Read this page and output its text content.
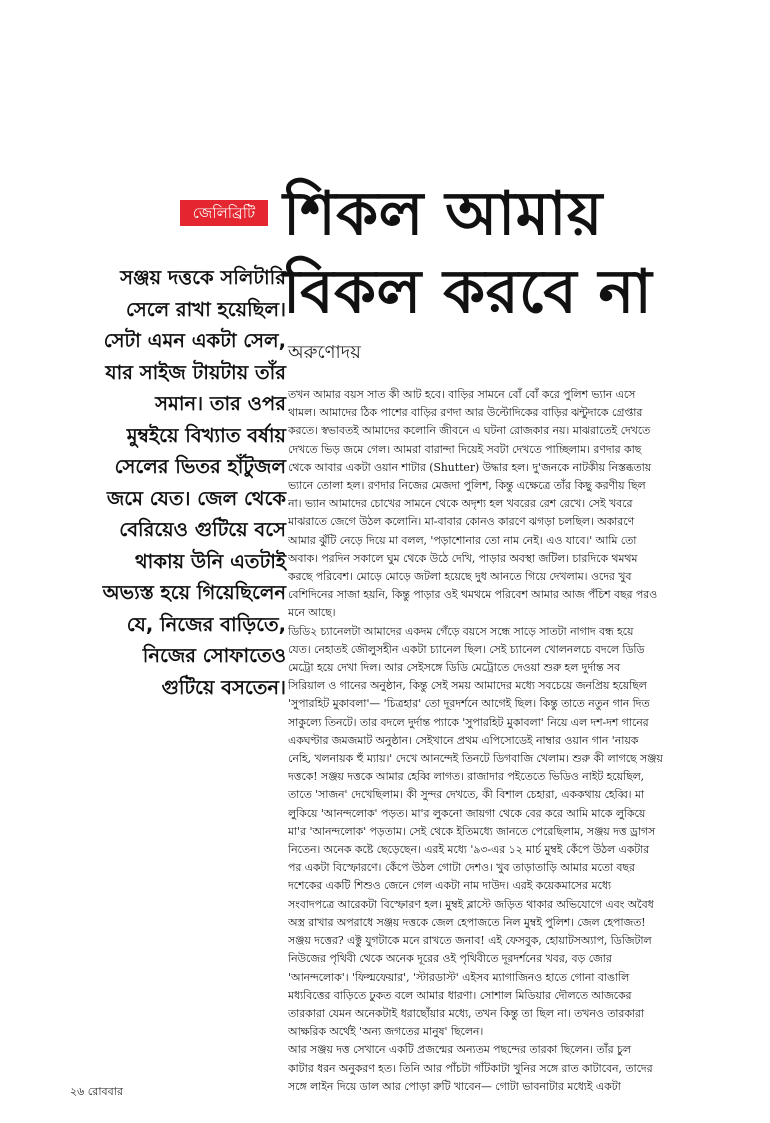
জেলিব্রিটি শিকল আমায়
বিকল করবে না
সঞ্জয় দত্তকে সলিটারি
সেলে রাখা হয়েছিল।
সেটা এমন একটা সেল,
যার সাইজ টায়টায় তাঁর
সমান। তার ওপর
মুম্বইয়ে বিখ্যাত বর্ষায়
সেলের ভিতর হাঁটুজল
জমে যেত। জেল থেকে
বেরিয়েও গুটিয়ে বসে
থাকায় উনি এতটাই
অভ্যস্ত হয়ে গিয়েছিলেন
যে, নিজের বাড়িতে,
নিজের সোফাতেও
গুটিয়ে বসতেন।
অরুণোদয়
তখন আমার বয়স সাত কী আট হবে। বাড়ির সামনে বোঁ বোঁ করে পুলিশ ভ্যান এসে
থামল। আমাদের ঠিক পাশের বাড়ির রণদা আর উল্টোদিকের বাড়ির ঝন্টুদাকে গ্রেপ্তার
করতে। স্বভাবতই আমাদের কলোনি জীবনে এ ঘটনা রোজকার নয়। মাঝরাতেই দেখতে
দেখতে ভিড় জমে গেল। আমরা বারান্দা দিয়েই সবটা দেখতে পাচ্ছিলাম। রণদার কাছ
থেকে আবার একটা ওয়ান শাটার (Shutter) উদ্ধার হল। দু'জনকে নাটকীয় নিস্তব্ধতায়
ভ্যানে তোলা হল। রণদার নিজের মেজদা পুলিশ, কিন্তু এক্ষেত্রে তাঁর কিছু করণীয় ছিল
না। ভ্যান আমাদের চোখের সামনে থেকে অদৃশ্য হল খবরের রেশ রেখে। সেই খবরে
মাঝরাতে জেগে উঠল কলোনি। মা-বাবার কোনও কারণে ঝগড়া চলছিল। অকারণে
আমার ঝুঁটি নেড়ে দিয়ে মা বলল, 'পড়াশোনার তো নাম নেই। এও যাবে।' আমি তো
অবাক। পরদিন সকালে ঘুম থেকে উঠে দেখি, পাড়ার অবস্থা জটিল। চারদিকে থমথম
করছে পরিবেশ। মোড়ে মোড়ে জটলা হয়েছে দুধ আনতে গিয়ে দেখলাম। ওদের খুব
বেশিদিনের সাজা হয়নি, কিন্তু পাড়ার ওই থমথমে পরিবেশ আমার আজ পঁচিশ বছর পরও
মনে আছে।
ডিডি২ চ্যানেলটা আমাদের একদম গেঁড়ে বয়সে সন্ধে সাড়ে সাতটা নাগাদ বন্ধ হয়ে
যেত। নেহাতই জৌলুসহীন একটা চ্যানেল ছিল। সেই চ্যানেল খোলনলচে বদলে ডিডি
মেট্রো হয়ে দেখা দিল। আর সেইসঙ্গে ডিডি মেট্রোতে দেওয়া শুরু হল দুর্দান্ত সব
সিরিয়াল ও গানের অনুষ্ঠান, কিন্তু সেই সময় আমাদের মধ্যে সবচেয়ে জনপ্রিয় হয়েছিল
'সুপারহিট মুকাবলা'— 'চিত্রহার' তো দূরদর্শনে আগেই ছিল। কিন্তু তাতে নতুন গান দিত
সাকুল্যে তিনটে। তার বদলে দুর্দান্ত প্যাকে 'সুপারহিট মুকাবলা' নিয়ে এল দশ-দশ গানের
একঘণ্টার জমজমাট অনুষ্ঠান। সেইখানে প্রথম এপিসোডেই নাম্বার ওয়ান গান 'নায়ক
নেহি, খলনায়ক হুঁ ম্যায়।' দেখে আনন্দেই তিনটে ডিগবাজি খেলাম। শুরু কী লাগছে সঞ্জয়
দত্তকে! সঞ্জয় দত্তকে আমার হেব্বি লাগত। রাজাদার পইতেতে ভিডিও নাইট হয়েছিল,
তাতে 'সাজন' দেখেছিলাম। কী সুন্দর দেখতে, কী বিশাল চেহারা, এককথায় হেব্বি। মা
লুকিয়ে 'আনন্দলোক' পড়ত। মা'র লুকনো জায়গা থেকে বের করে আমি মাকে লুকিয়ে
মা'র 'আনন্দলোক' পড়তাম। সেই থেকে ইতিমধ্যে জানতে পেরেছিলাম, সঞ্জয় দত্ত ড্রাগস
নিতেন। অনেক কষ্টে ছেড়েছেন। এরই মধ্যে '৯৩-এর ১২ মার্চ মুম্বই কেঁপে উঠল একটার
পর একটা বিস্ফোরণে। কেঁপে উঠল গোটা দেশও। খুব তাড়াতাড়ি আমার মতো বছর
দশেকের একটি শিশুও জেনে গেল একটা নাম দাউদ। এরই কয়েকমাসের মধ্যে
সংবাদপত্রে আরেকটা বিস্ফোরণ হল। মুম্বই ব্লাস্টে জড়িত থাকার অভিযোগে এবং অবৈধ
অস্ত্র রাখার অপরাধে সঞ্জয় দত্তকে জেল হেপাজতে নিল মুম্বই পুলিশ। জেল হেপাজত!
সঞ্জয় দত্তের? এক্টু যুগটাকে মনে রাখতে জনাব! এই ফেসবুক, হোয়াটসঅ্যাপ, ডিজিটাল
নিউজের পৃথিবী থেকে অনেক দূরের ওই পৃথিবীতে দূরদর্শনের খবর, বড় জোর
'আনন্দলোক'। 'ফিল্মফেয়ার', 'স্টারডাস্ট' এইসব ম্যাগাজিনও হাতে গোনা বাঙালি
মধ্যবিত্তের বাড়িতে ঢুকত বলে আমার ধারণা। সোশাল মিডিয়ার দৌলতে আজকের
তারকারা যেমন অনেকটাই ধরাছোঁয়ার মধ্যে, তখন কিন্তু তা ছিল না। তখনও তারকারা
আক্ষরিক অর্থেই 'অন্য জগতের মানুষ' ছিলেন।
আর সঞ্জয় দত্ত সেখানে একটি প্রজন্মের অন্যতম পছন্দের তারকা ছিলেন। তাঁর চুল
কাটার ধরন অনুকরণ হত। তিনি আর পাঁচটা গাঁটকাটা খুনির সঙ্গে রাত কাটাবেন, তাদের
সঙ্গে লাইন দিয়ে ডাল আর পোড়া রুটি খাবেন— গোটা ভাবনাটার মধ্যেই একটা
২৬ রোববার
